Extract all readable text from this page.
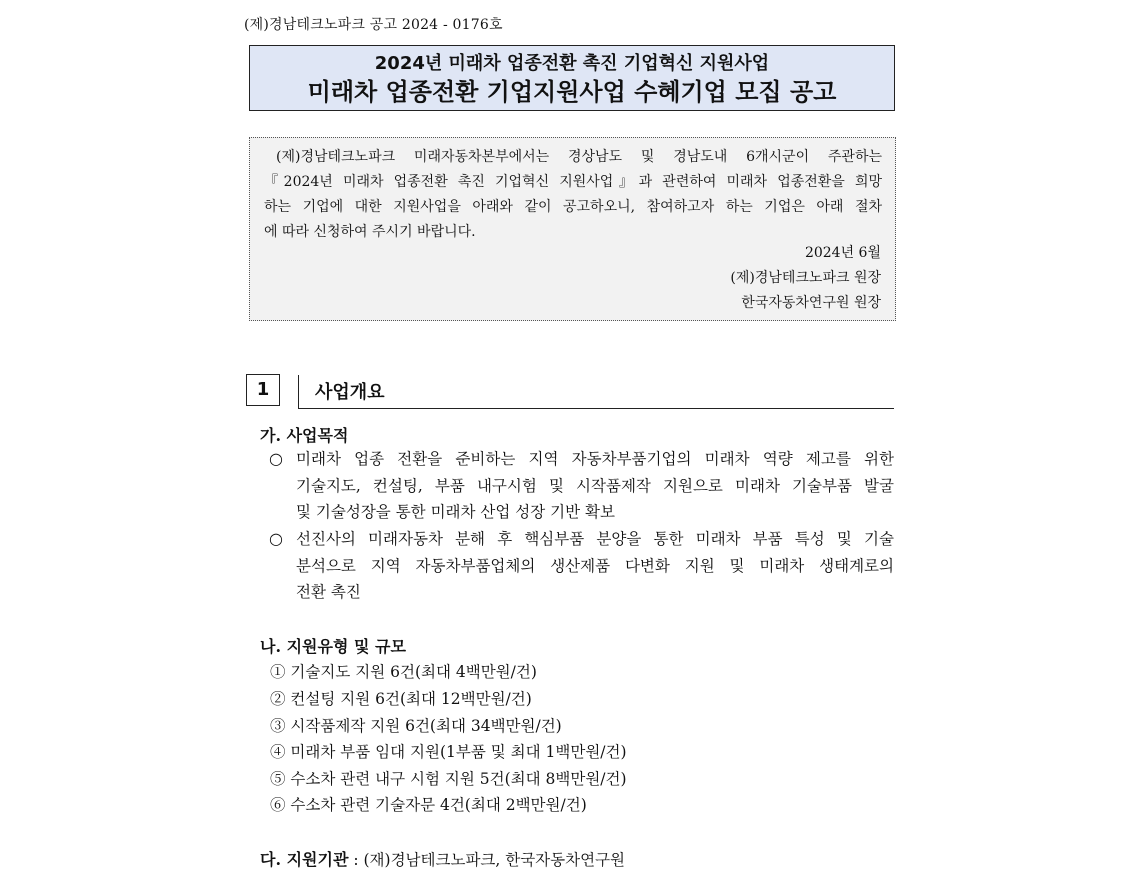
(제)경남테크노파크 공고 2024 - 0176호
2024년 미래차 업종전환 촉진 기업혁신 지원사업
미래차 업종전환 기업지원사업 수혜기업 모집 공고
(제)경남테크노파크 미래자동차본부에서는 경상남도 및 경남도내 6개시군이 주관하는
『2024년 미래차 업종전환 촉진 기업혁신 지원사업』과 관련하여 미래차 업종전환을 희망
하는 기업에 대한 지원사업을 아래와 같이 공고하오니, 참여하고자 하는 기업은 아래 절차
에 따라 신청하여 주시기 바랍니다.
2024년 6월
(제)경남테크노파크 원장
한국자동차연구원 원장
1	사업개요
가. 사업목적
○ 미래차 업종 전환을 준비하는 지역 자동차부품기업의 미래차 역량 제고를 위한
기술지도, 컨설팅, 부품 내구시험 및 시작품제작 지원으로 미래차 기술부품 발굴
및 기술성장을 통한 미래차 산업 성장 기반 확보
○ 선진사의 미래자동차 분해 후 핵심부품 분양을 통한 미래차 부품 특성 및 기술
분석으로 지역 자동차부품업체의 생산제품 다변화 지원 및 미래차 생태계로의
전환 촉진
나. 지원유형 및 규모
① 기술지도 지원 6건(최대 4백만원/건)
② 컨설팅 지원 6건(최대 12백만원/건)
③ 시작품제작 지원 6건(최대 34백만원/건)
④ 미래차 부품 임대 지원(1부품 및 최대 1백만원/건)
⑤ 수소차 관련 내구 시험 지원 5건(최대 8백만원/건)
⑥ 수소차 관련 기술자문 4건(최대 2백만원/건)
다. 지원기관 : (재)경남테크노파크, 한국자동차연구원
